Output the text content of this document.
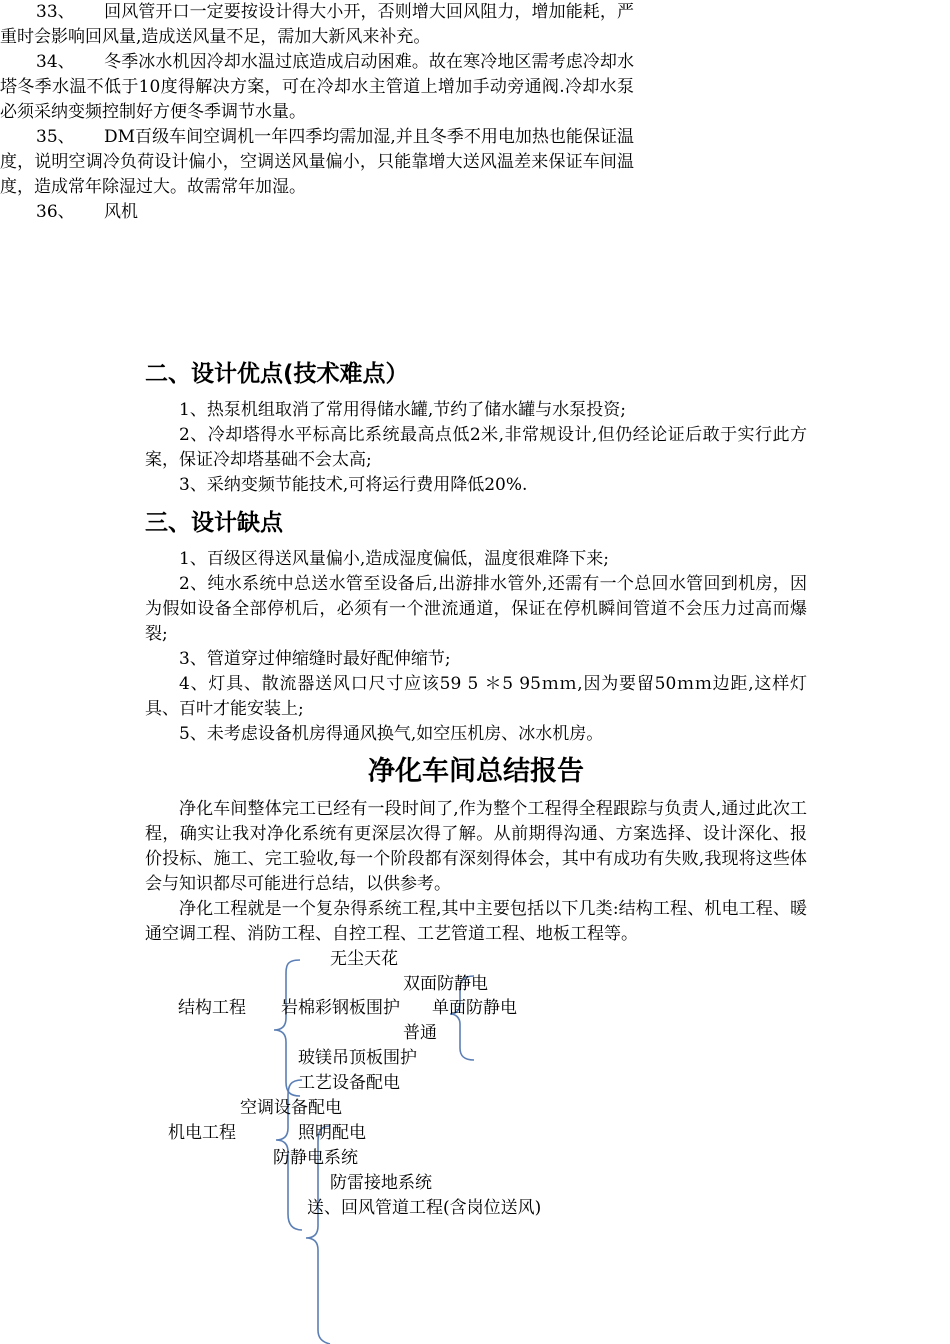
33、 回风管开口一定要按设计得大小开，否则增大回风阻力，增加能耗，严重时会影响回风量,造成送风量不足，需加大新风来补充。

34、 冬季冰水机因冷却水温过底造成启动困难。故在寒冷地区需考虑冷却水塔冬季水温不低于10度得解决方案，可在冷却水主管道上增加手动旁通阀.冷却水泵必须采纳变频控制好方便冬季调节水量。

35、 DM百级车间空调机一年四季均需加湿,并且冬季不用电加热也能保证温度，说明空调冷负荷设计偏小，空调送风量偏小，只能靠增大送风温差来保证车间温度，造成常年除湿过大。故需常年加湿。

36、 风机

二、设计优点(技术难点）

1、热泵机组取消了常用得储水罐,节约了储水罐与水泵投资;

2、冷却塔得水平标高比系统最高点低2米,非常规设计,但仍经论证后敢于实行此方案，保证冷却塔基础不会太高;

3、采纳变频节能技术,可将运行费用降低20%.

三、设计缺点

1、百级区得送风量偏小,造成湿度偏低，温度很难降下来;

2、纯水系统中总送水管至设备后,出游排水管外,还需有一个总回水管回到机房，因为假如设备全部停机后，必须有一个泄流通道，保证在停机瞬间管道不会压力过高而爆裂;

3、管道穿过伸缩缝时最好配伸缩节;

4、灯具、散流器送风口尺寸应该59 5 ＊5 95ｍｍ,因为要留50ｍｍ边距,这样灯具、百叶才能安装上;

5、未考虑设备机房得通风换气,如空压机房、冰水机房。

净化车间总结报告

净化车间整体完工已经有一段时间了,作为整个工程得全程跟踪与负责人,通过此次工程，确实让我对净化系统有更深层次得了解。从前期得沟通、方案选择、设计深化、报价投标、施工、完工验收,每一个阶段都有深刻得体会，其中有成功有失败,我现将这些体会与知识都尽可能进行总结，以供参考。

净化工程就是一个复杂得系统工程,其中主要包括以下几类:结构工程、机电工程、暖通空调工程、消防工程、自控工程、工艺管道工程、地板工程等。

无尘天花
双面防静电
结构工程 岩棉彩钢板围护 单面防静电
普通
玻镁吊顶板围护
工艺设备配电
空调设备配电
机电工程	照明配电
防静电系统
防雷接地系统
送、回风管道工程(含岗位送风)
